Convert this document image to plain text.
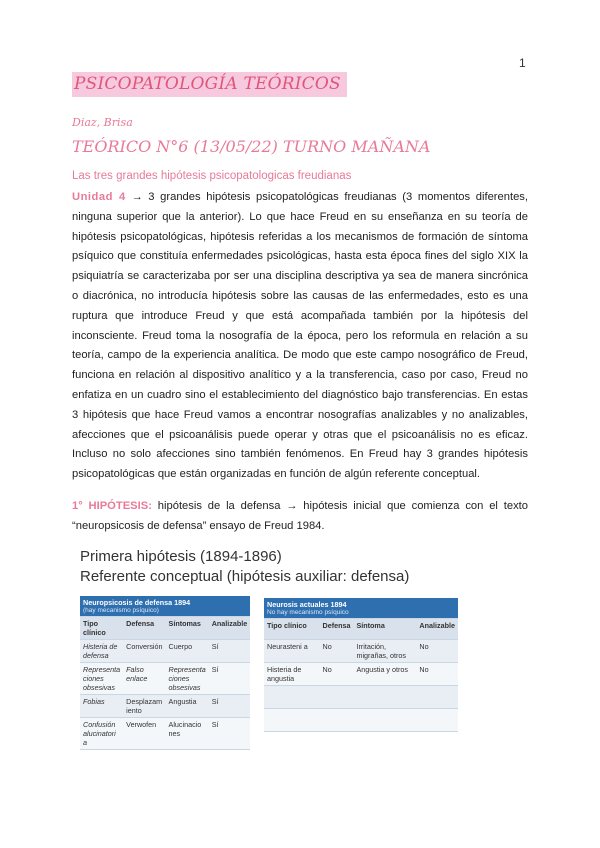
1
PSICOPATOLOGÍA TEÓRICOS
Diaz, Brisa
TEÓRICO N°6 (13/05/22) TURNO MAÑANA
Las tres grandes hipótesis psicopatologicas freudianas

Unidad 4 → 3 grandes hipótesis psicopatológicas freudianas (3 momentos diferentes, ninguna superior que la anterior). Lo que hace Freud en su enseñanza en su teoría de hipótesis psicopatológicas, hipótesis referidas a los mecanismos de formación de síntoma psíquico que constituía enfermedades psicológicas, hasta esta época fines del siglo XIX la psiquiatría se caracterizaba por ser una disciplina descriptiva ya sea de manera sincrónica o diacrónica, no introducía hipótesis sobre las causas de las enfermedades, esto es una ruptura que introduce Freud y que está acompañada también por la hipótesis del inconsciente. Freud toma la nosografía de la época, pero los reformula en relación a su teoría, campo de la experiencia analítica. De modo que este campo nosográfico de Freud, funciona en relación al dispositivo analítico y a la transferencia, caso por caso, Freud no enfatiza en un cuadro sino el establecimiento del diagnóstico bajo transferencias. En estas 3 hipótesis que hace Freud vamos a encontrar nosografías analizables y no analizables, afecciones que el psicoanálisis puede operar y otras que el psicoanálisis no es eficaz. Incluso no solo afecciones sino también fenómenos. En Freud hay 3 grandes hipótesis psicopatológicas que están organizadas en función de algún referente conceptual.

1° HIPÓTESIS: hipótesis de la defensa → hipótesis inicial que comienza con el texto “neuropsicosis de defensa” ensayo de Freud 1984.

Primera hipótesis (1894-1896)
Referente conceptual (hipótesis auxiliar: defensa)
Neuropsicosis de defensa 1894
(hay mecanismo psíquico)			

Tipo clínico	Defensa	Síntomas	Analizable
Histeria de defensa	Conversión	Cuerpo	Sí
Representa ciones obsesivas	Falso enlace	Representa ciones obsesivas	Sí
Fobias	Desplazam iento	Angustia	Sí
Confusión alucinatori a	Verwofen	Alucinacio nes	Sí
Neurosis actuales 1894
No hay mecanismo psíquico			

Tipo clínico	Defensa	Síntoma	Analizable
Neurasteni a	No	Irritación, migrañas, otros	No
Histeria de angustia	No	Angustia y otros	No
